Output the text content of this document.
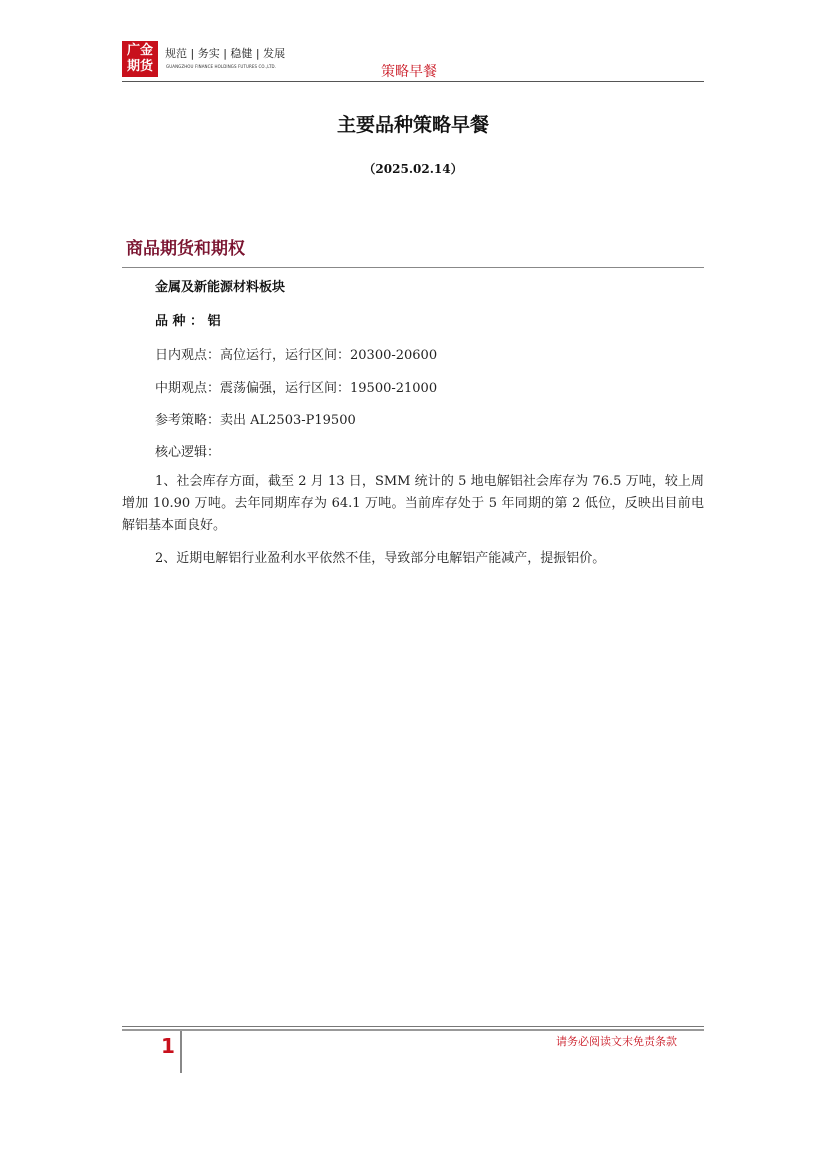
广金
期货
规范 | 务实 | 稳健 | 发展
GUANGZHOU FINANCE HOLDINGS FUTURES CO.,LTD.	策略早餐
主要品种策略早餐
（2025.02.14）
商品期货和期权
金属及新能源材料板块
品 种 ： 铝
日内观点：高位运行，运行区间：20300-20600
中期观点：震荡偏强，运行区间：19500-21000
参考策略：卖出 AL2503-P19500
核心逻辑：

1、社会库存方面，截至 2 月 13 日，SMM 统计的 5 地电解铝社会库存为 76.5 万吨，较上周增加 10.90 万吨。去年同期库存为 64.1 万吨。当前库存处于 5 年同期的第 2 低位，反映出目前电解铝基本面良好。

2、近期电解铝行业盈利水平依然不佳，导致部分电解铝产能减产，提振铝价。

1	请务必阅读文末免责条款
